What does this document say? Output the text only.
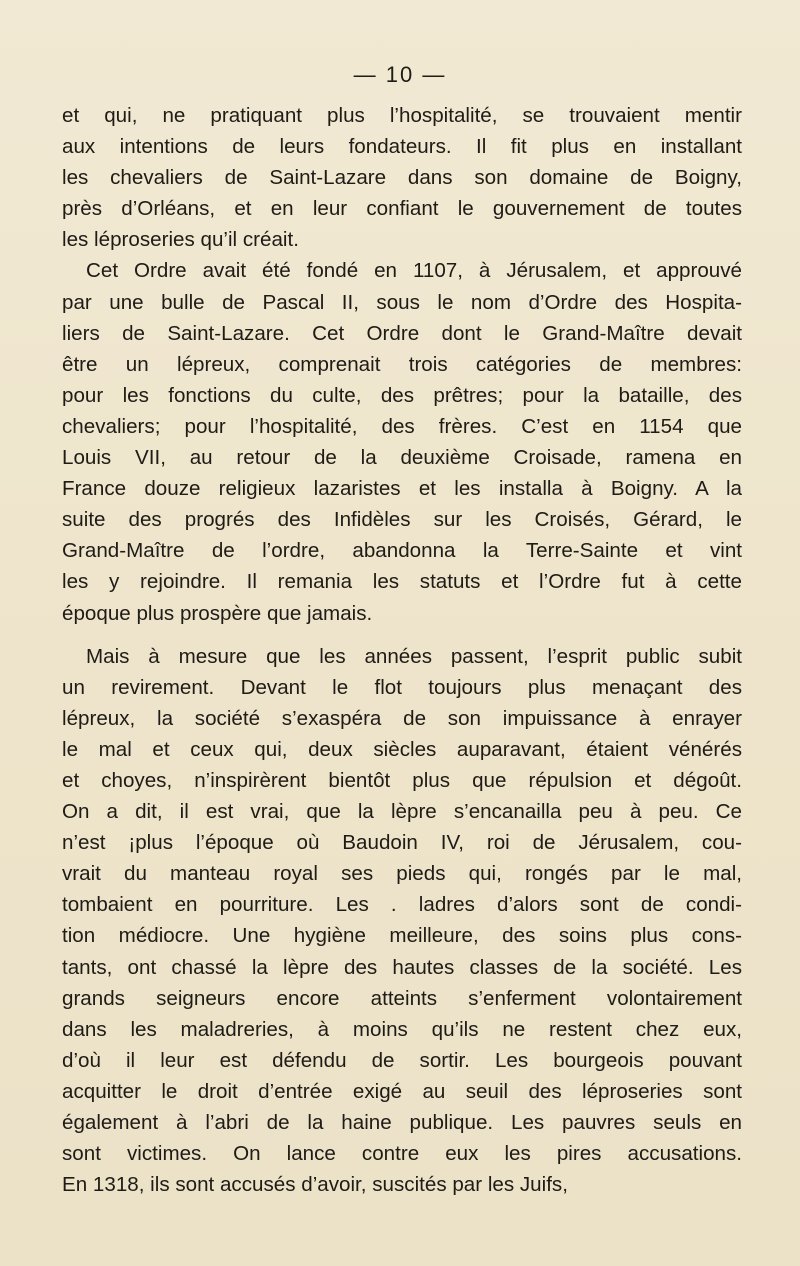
— 10 —
et qui, ne pratiquant plus l’hospitalité, se trouvaient mentir
aux intentions de leurs fondateurs. Il fit plus en installant
les chevaliers de Saint-Lazare dans son domaine de Boigny,
près d’Orléans, et en leur confiant le gouvernement de toutes
les léproseries qu’il créait.
Cet Ordre avait été fondé en 1107, à Jérusalem, et approuvé
par une bulle de Pascal II, sous le nom d’Ordre des Hospita-
liers de Saint-Lazare. Cet Ordre dont le Grand-Maître devait
être un lépreux, comprenait trois catégories de membres:
pour les fonctions du culte, des prêtres; pour la bataille, des
chevaliers; pour l’hospitalité, des frères. C’est en 1154 que
Louis VII, au retour de la deuxième Croisade, ramena en
France douze religieux lazaristes et les installa à Boigny. A la
suite des progrés des Infidèles sur les Croisés, Gérard, le
Grand-Maître de l’ordre, abandonna la Terre-Sainte et vint
les y rejoindre. Il remania les statuts et l’Ordre fut à cette
époque plus prospère que jamais.
Mais à mesure que les années passent, l’esprit public subit
un revirement. Devant le flot toujours plus menaçant des
lépreux, la société s’exaspéra de son impuissance à enrayer
le mal et ceux qui, deux siècles auparavant, étaient vénérés
et choyes, n’inspirèrent bientôt plus que répulsion et dégoût.
On a dit, il est vrai, que la lèpre s’encanailla peu à peu. Ce
n’est ¡plus l’époque où Baudoin IV, roi de Jérusalem, cou-
vrait du manteau royal ses pieds qui, rongés par le mal,
tombaient en pourriture. Les . ladres d’alors sont de condi-
tion médiocre. Une hygiène meilleure, des soins plus cons-
tants, ont chassé la lèpre des hautes classes de la société. Les
grands seigneurs encore atteints s’enferment volontairement
dans les maladreries, à moins qu’ils ne restent chez eux,
d’où il leur est défendu de sortir. Les bourgeois pouvant
acquitter le droit d’entrée exigé au seuil des léproseries sont
également à l’abri de la haine publique. Les pauvres seuls en
sont victimes. On lance contre eux les pires accusations.
En 1318, ils sont accusés d’avoir, suscités par les Juifs,
